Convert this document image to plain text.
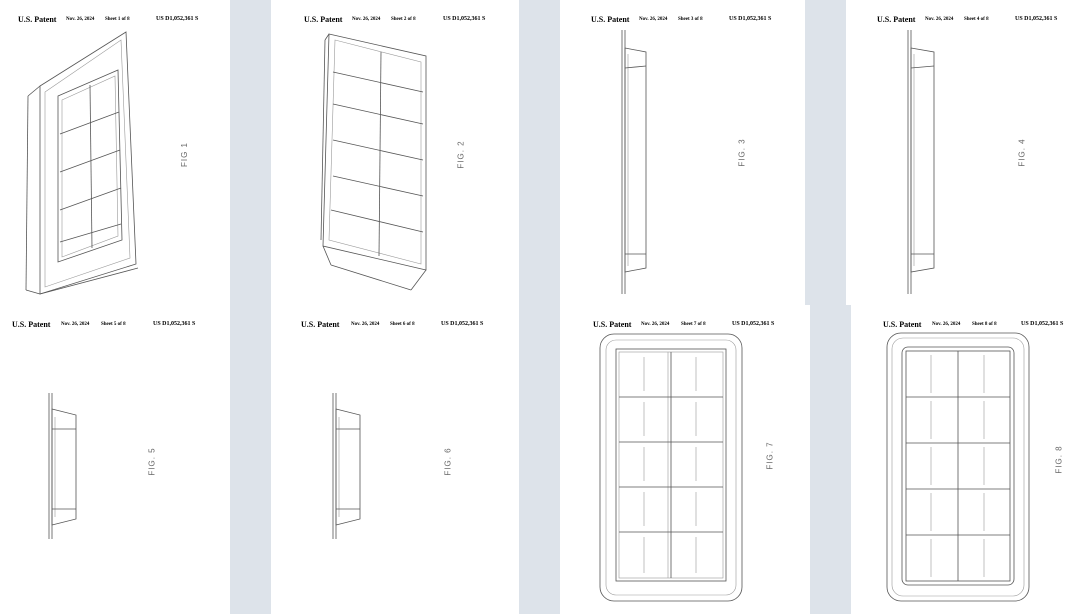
U.S. Patent Nov. 26, 2024 Sheet 1 of 8	US D1,052,361 S
FIG 1
U.S. Patent Nov. 26, 2024 Sheet 2 of 8	US D1,052,361 S
FIG. 2
U.S. Patent Nov. 26, 2024 Sheet 3 of 8	US D1,052,361 S
FIG. 3
U.S. Patent Nov. 26, 2024 Sheet 4 of 8	US D1,052,361 S
FIG. 4
U.S. Patent Nov. 26, 2024 Sheet 5 of 8	US D1,052,361 S
FIG. 5
U.S. Patent Nov. 26, 2024 Sheet 6 of 8	US D1,052,361 S
FIG. 6
U.S. Patent Nov. 26, 2024 Sheet 7 of 8	US D1,052,361 S
FIG. 7
U.S. Patent Nov. 26, 2024 Sheet 8 of 8	US D1,052,361 S
FIG. 8
